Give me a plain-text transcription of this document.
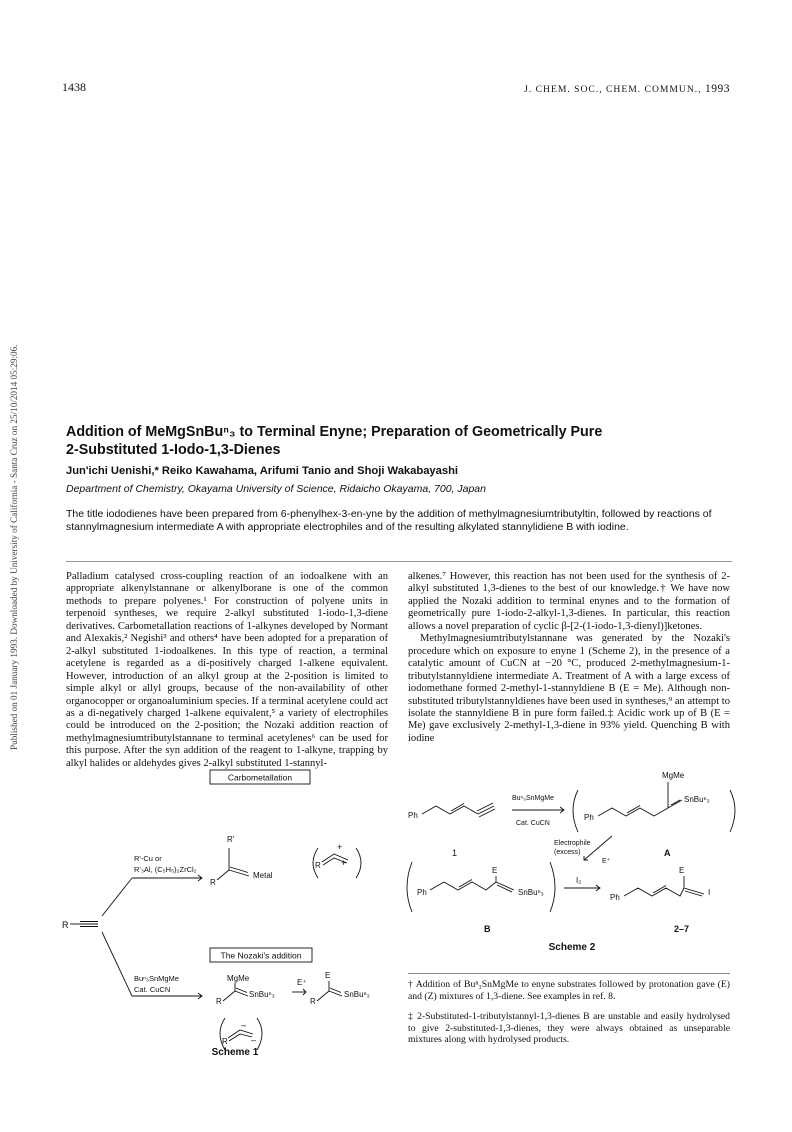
Published on 01 January 1993. Downloaded by University of California - Santa Cruz on 25/10/2014 05:29:06.
1438	J. CHEM. SOC., CHEM. COMMUN., 1993
Addition of MeMgSnBuⁿ₃ to Terminal Enyne; Preparation of Geometrically Pure
2-Substituted 1-Iodo-1,3-Dienes
Jun'ichi Uenishi,* Reiko Kawahama, Arifumi Tanio and Shoji Wakabayashi
Department of Chemistry, Okayama University of Science, Ridaicho Okayama, 700, Japan
The title iododienes have been prepared from 6-phenylhex-3-en-yne by the addition of methylmagnesiumtributyltin, followed by reactions of stannylmagnesium intermediate A with appropriate electrophiles and of the resulting alkylated stannylidiene B with iodine.

Palladium catalysed cross-coupling reaction of an iodoalkene with an appropriate alkenylstannane or alkenylborane is one of the common methods to prepare polyenes.¹ For construction of polyene units in terpenoid syntheses, we require 2-alkyl substituted 1-iodo-1,3-diene derivatives. Carbometallation reactions of 1-alkynes developed by Normant and Alexakis,² Negishi³ and others⁴ have been adopted for a preparation of 2-alkyl substituted 1-iodoalkenes. In this type of reaction, a terminal acetylene is regarded as a di-positively charged 1-alkene equivalent. However, introduction of an alkyl group at the 2-position is limited to simple alkyl or allyl groups, because of the non-availability of other organocopper or organoaluminium species. If a terminal acetylene could act as a di-negatively charged 1-alkene equivalent,⁵ a variety of electrophiles could be introduced on the 2-position; the Nozaki addition reaction of methylmagnesiumtributylstannane to terminal acetylenes⁶ can be used for this purpose. After the syn addition of the reagent to 1-alkyne, trapping by alkyl halides or aldehydes gives 2-alkyl substituted 1-stannyl-

alkenes.⁷ However, this reaction has not been used for the synthesis of 2-alkyl substituted 1,3-dienes to the best of our knowledge.† We have now applied the Nozaki addition to terminal enynes and to the formation of geometrically pure 1-iodo-2-alkyl-1,3-dienes. In particular, this reaction allows a novel preparation of cyclic β-[2-(1-iodo-1,3-dienyl)]ketones.

Methylmagnesiumtributylstannane was generated by the Nozaki's procedure which on exposure to enyne 1 (Scheme 2), in the presence of a catalytic amount of CuCN at −20 °C, produced 2-methylmagnesium-1-tributylstannyldiene intermediate A. Treatment of A with a large excess of iodomethane formed 2-methyl-1-stannyldiene B (E = Me). Although non-substituted tributylstannyldienes have been used in syntheses,⁹ an attempt to isolate the stannyldiene B in pure form failed.‡ Acidic work up of B (E = Me) gave exclusively 2-methyl-1,3-diene in 93% yield. Quenching B with iodine

Carbometallation
The Nozaki's addition
R
R'-Cu or
R'₃Al, (C₅H₅)₂ZrCl₂
Buⁿ₃SnMgMe
Cat. CuCN
R'
R
Metal
R
+
+
MgMe
SnBuⁿ₃
R
E⁺
E
SnBuⁿ₃
R
R
–
–
Scheme 1
Ph
1
Buⁿ₃SnMgMe
Cat. CuCN
Ph
MgMe
SnBuⁿ₃
A
Electrophile
(excess)
E⁺
Ph
E
SnBuⁿ₃
B
I₂
Ph
E
I
2–7
Scheme 2
† Addition of Buⁿ₃SnMgMe to enyne substrates followed by protonation gave (E) and (Z) mixtures of 1,3-diene. See examples in ref. 8.
‡ 2-Substituted-1-tributylstannyl-1,3-dienes B are unstable and easily hydrolysed to give 2-substituted-1,3-dienes, they were always obtained as unseparable mixtures along with hydrolysed products.
